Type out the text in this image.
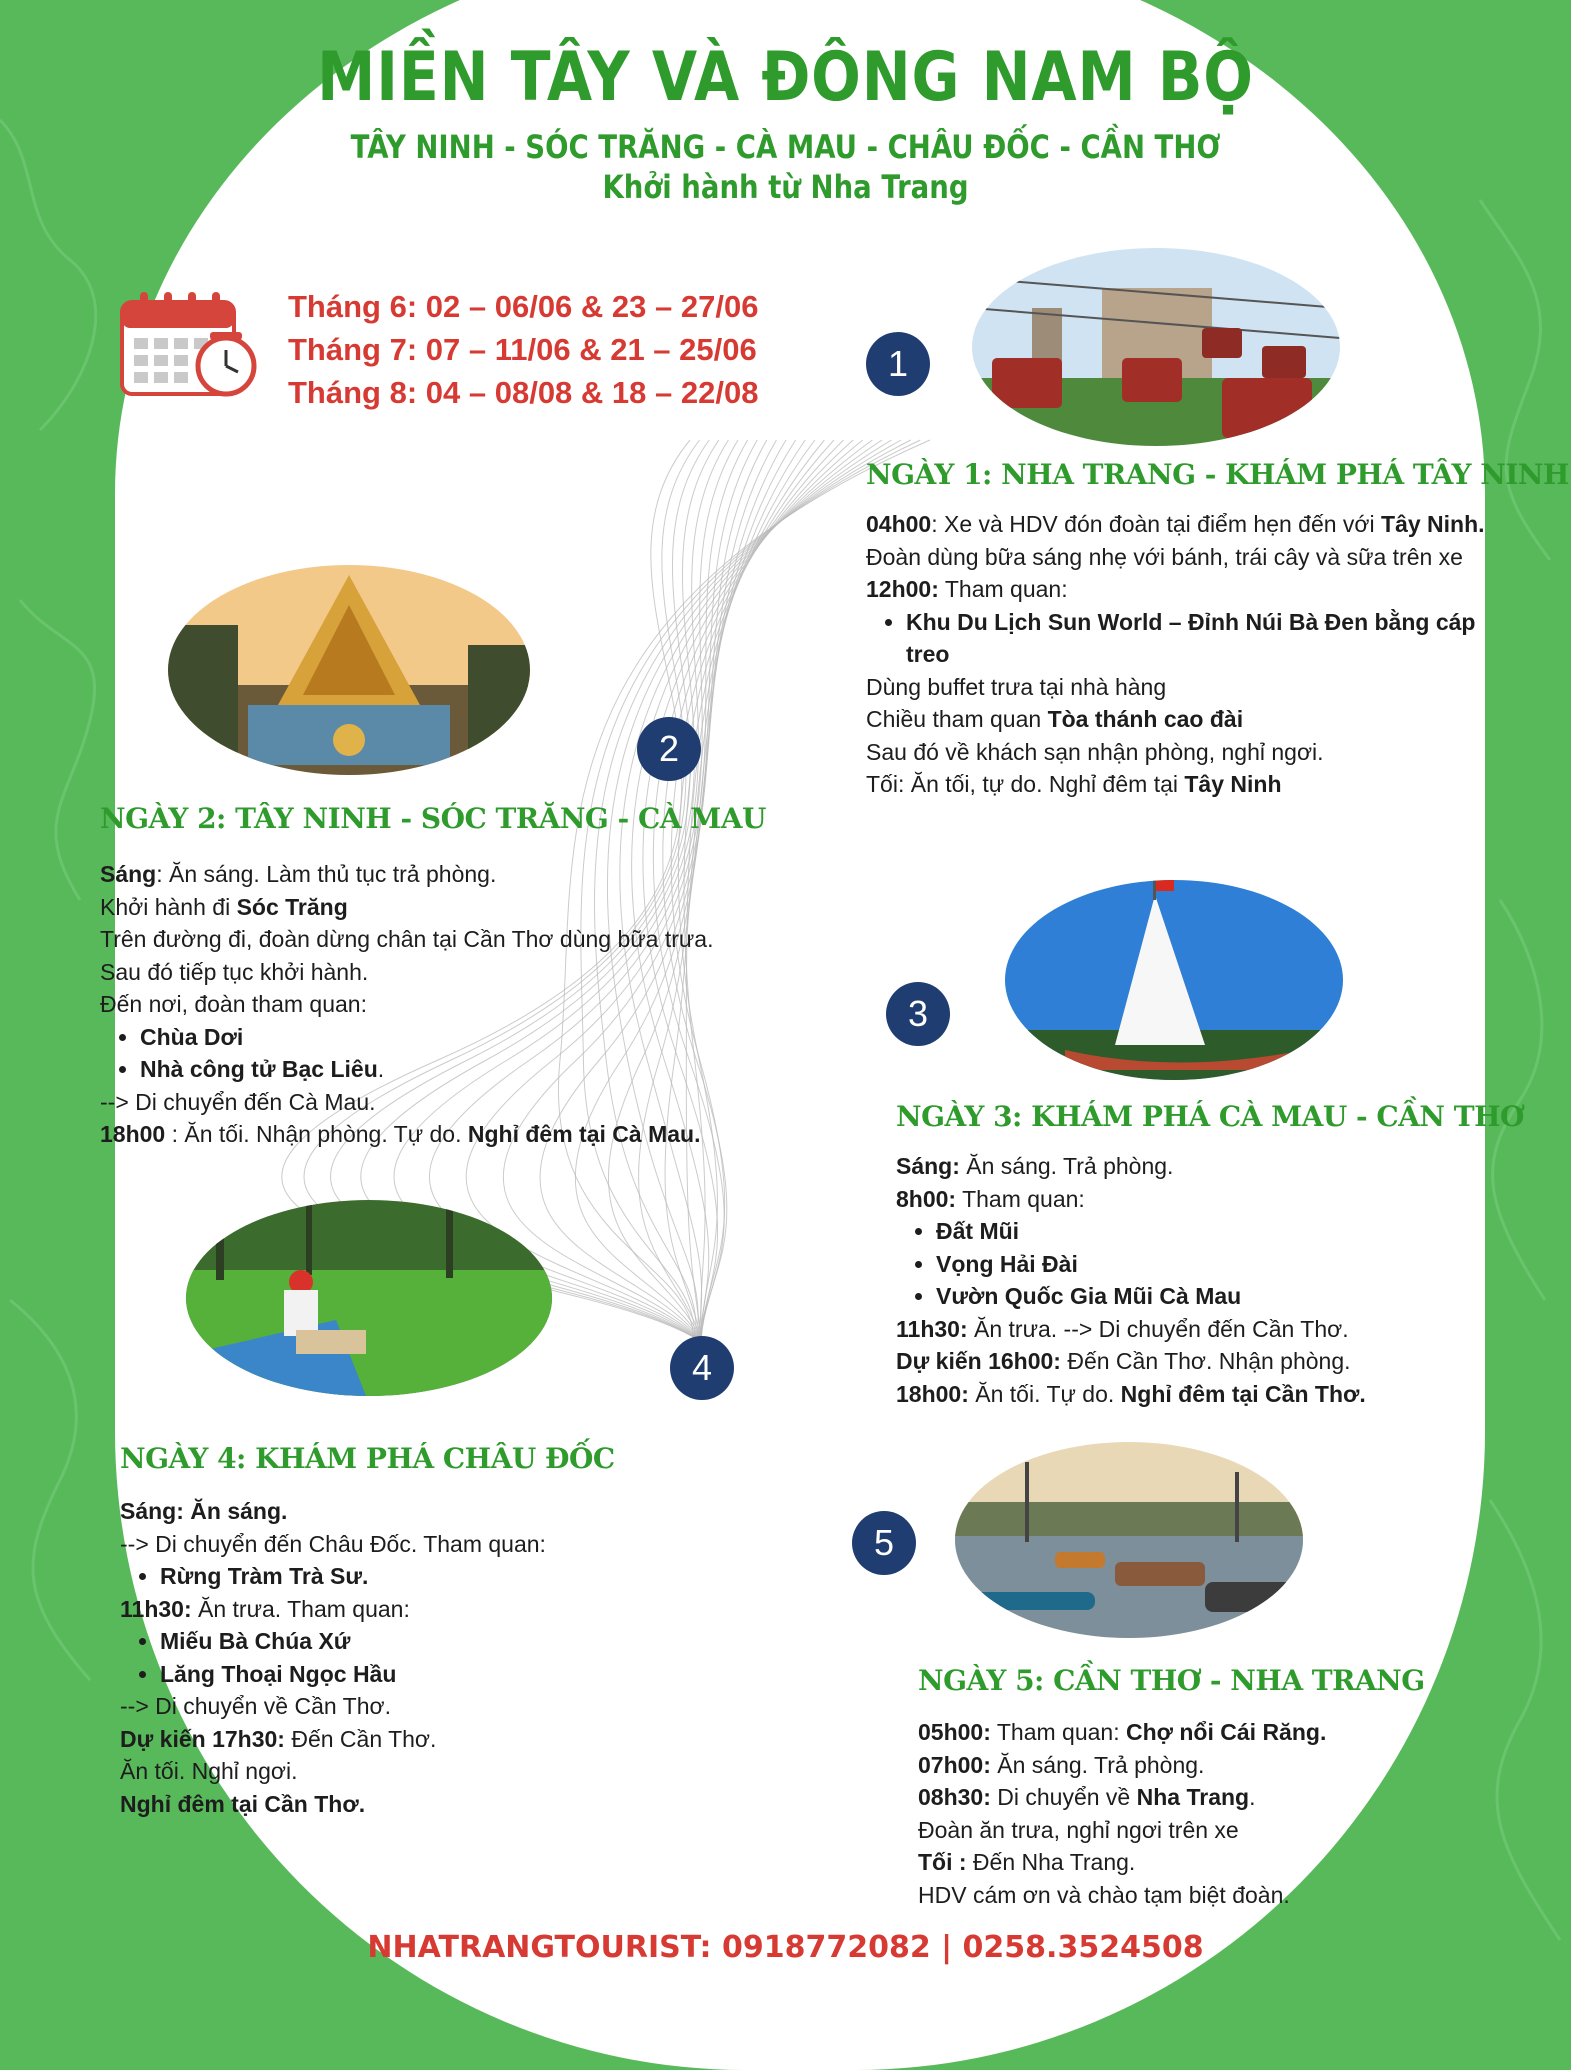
MIỀN TÂY VÀ ĐÔNG NAM BỘ
TÂY NINH - SÓC TRĂNG - CÀ MAU - CHÂU ĐỐC - CẦN THƠ
Khởi hành từ Nha Trang
Tháng 6: 02 – 06/06 & 23 – 27/06
Tháng 7: 07 – 11/06 & 21 – 25/06
Tháng 8: 04 – 08/08 & 18 – 22/08
1
NGÀY 1: NHA TRANG - KHÁM PHÁ TÂY NINH

04h00: Xe và HDV đón đoàn tại điểm hẹn đến với Tây Ninh. Đoàn dùng bữa sáng nhẹ với bánh, trái cây và sữa trên xe

12h00: Tham quan:

• Khu Du Lịch Sun World – Đỉnh Núi Bà Đen bằng cáp treo

Dùng buffet trưa tại nhà hàng

Chiều tham quan Tòa thánh cao đài

Sau đó về khách sạn nhận phòng, nghỉ ngơi.

Tối: Ăn tối, tự do. Nghỉ đêm tại Tây Ninh

2
NGÀY 2: TÂY NINH - SÓC TRĂNG - CÀ MAU

Sáng: Ăn sáng. Làm thủ tục trả phòng.

Khởi hành đi Sóc Trăng

Trên đường đi, đoàn dừng chân tại Cần Thơ dùng bữa trưa.

Sau đó tiếp tục khởi hành.

Đến nơi, đoàn tham quan:

• Chùa Dơi
• Nhà công tử Bạc Liêu.

--> Di chuyển đến Cà Mau.

18h00 : Ăn tối. Nhận phòng. Tự do. Nghỉ đêm tại Cà Mau.

3
NGÀY 3: KHÁM PHÁ CÀ MAU - CẦN THƠ

Sáng: Ăn sáng. Trả phòng.

8h00: Tham quan:

• Đất Mũi
• Vọng Hải Đài
• Vườn Quốc Gia Mũi Cà Mau

11h30: Ăn trưa. --> Di chuyển đến Cần Thơ.

Dự kiến 16h00: Đến Cần Thơ. Nhận phòng.

18h00: Ăn tối. Tự do. Nghỉ đêm tại Cần Thơ.

4
NGÀY 4: KHÁM PHÁ CHÂU ĐỐC

Sáng: Ăn sáng.

--> Di chuyển đến Châu Đốc. Tham quan:

• Rừng Tràm Trà Sư.

11h30: Ăn trưa. Tham quan:

• Miếu Bà Chúa Xứ
• Lăng Thoại Ngọc Hầu

--> Di chuyển về Cần Thơ.

Dự kiến 17h30: Đến Cần Thơ.

Ăn tối. Nghỉ ngơi.

Nghỉ đêm tại Cần Thơ.

5
NGÀY 5: CẦN THƠ - NHA TRANG

05h00: Tham quan: Chợ nổi Cái Răng.

07h00: Ăn sáng. Trả phòng.

08h30: Di chuyển về Nha Trang.

Đoàn ăn trưa, nghỉ ngơi trên xe

Tối : Đến Nha Trang.

HDV cám ơn và chào tạm biệt đoàn.

NHATRANGTOURIST: 0918772082 | 0258.3524508
